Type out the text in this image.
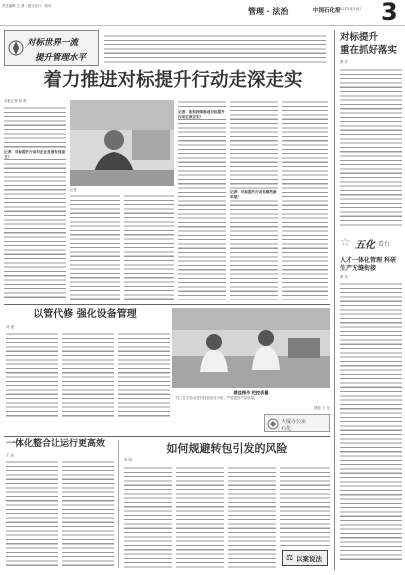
责任编辑 王 勇 · 版式设计 · 校对	管理 · 法治	中国石化报
2021年4月8日 3
对标世界一流
提升管理水平
着力推进对标提升行动走深走实
本报记者 杨 晨
记者：对标提升行动对企业发展有何意义？
记者
记者：如何持续推进对标提升行动走深走实？
记者：对标提升行动有哪些新举措？
对标提升
重在抓好落实
曹 亮
☆ 五化 看台
人才一体化管理 科研生产无缝衔接
曹 亮
以管代修 强化设备管理
何 建
精益操作 把控质量
员工在实验室进行样品化验分析，严格把控产品质量。
摄影 王 东
大厦办公室
石化
一体化整合让运行更高效
王 远	如何规避转包引发的风险
李 明
⚖ 以案说法
